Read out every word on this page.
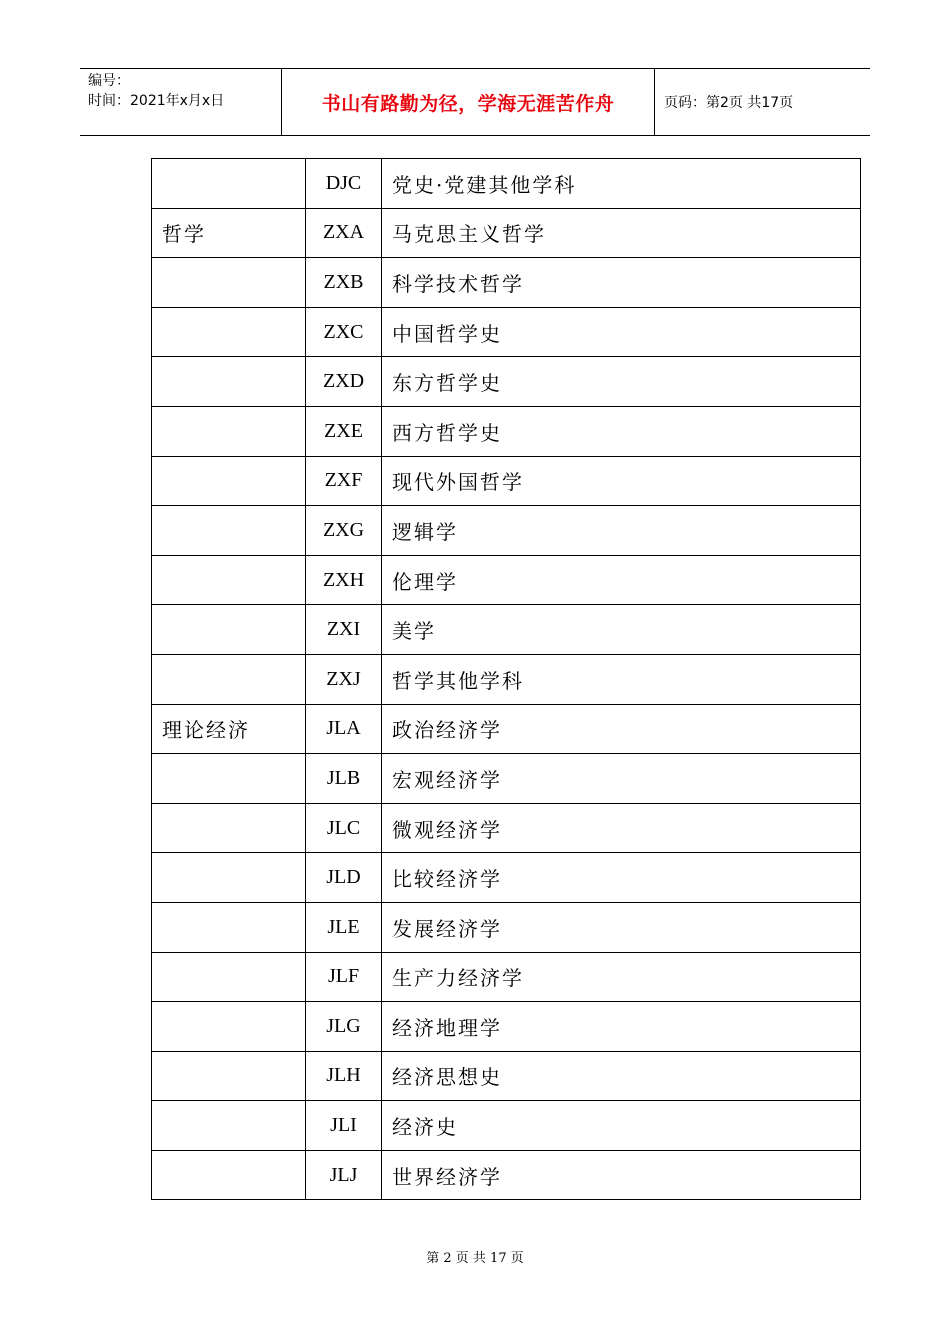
编号：
时间：2021年x月x日	书山有路勤为径，学海无涯苦作舟	页码：第2页 共17页
	DJC	党史·党建其他学科
哲学	ZXA	马克思主义哲学
	ZXB	科学技术哲学
	ZXC	中国哲学史
	ZXD	东方哲学史
	ZXE	西方哲学史
	ZXF	现代外国哲学
	ZXG	逻辑学
	ZXH	伦理学
	ZXI	美学
	ZXJ	哲学其他学科
理论经济	JLA	政治经济学
	JLB	宏观经济学
	JLC	微观经济学
	JLD	比较经济学
	JLE	发展经济学
	JLF	生产力经济学
	JLG	经济地理学
	JLH	经济思想史
	JLI	经济史
	JLJ	世界经济学
第 2 页 共 17 页
